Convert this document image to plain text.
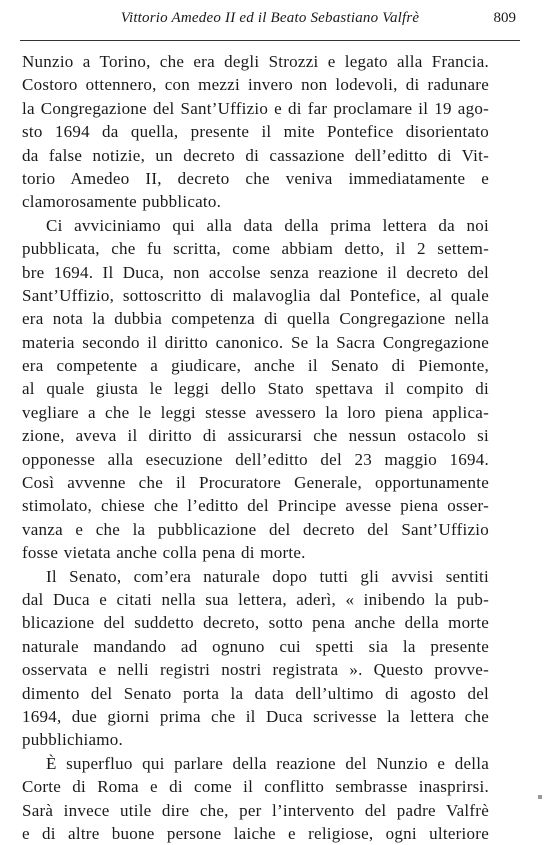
Vittorio Amedeo II ed il Beato Sebastiano Valfrè	809
Nunzio a Torino, che era degli Strozzi e legato alla Francia.
Costoro ottennero, con mezzi invero non lodevoli, di radunare
la Congregazione del Sant’Uffizio e di far proclamare il 19 ago-
sto 1694 da quella, presente il mite Pontefice disorientato
da false notizie, un decreto di cassazione dell’editto di Vit-
torio Amedeo II, decreto che veniva immediatamente e
clamorosamente pubblicato.
Ci avviciniamo qui alla data della prima lettera da noi
pubblicata, che fu scritta, come abbiam detto, il 2 settem-
bre 1694. Il Duca, non accolse senza reazione il decreto del
Sant’Uffizio, sottoscritto di malavoglia dal Pontefice, al quale
era nota la dubbia competenza di quella Congregazione nella
materia secondo il diritto canonico. Se la Sacra Congregazione
era competente a giudicare, anche il Senato di Piemonte,
al quale giusta le leggi dello Stato spettava il compito di
vegliare a che le leggi stesse avessero la loro piena applica-
zione, aveva il diritto di assicurarsi che nessun ostacolo si
opponesse alla esecuzione dell’editto del 23 maggio 1694.
Così avvenne che il Procuratore Generale, opportunamente
stimolato, chiese che l’editto del Principe avesse piena osser-
vanza e che la pubblicazione del decreto del Sant’Uffizio
fosse vietata anche colla pena di morte.
Il Senato, com’era naturale dopo tutti gli avvisi sentiti
dal Duca e citati nella sua lettera, aderì, « inibendo la pub-
blicazione del suddetto decreto, sotto pena anche della morte
naturale mandando ad ognuno cui spetti sia la presente
osservata e nelli registri nostri registrata ». Questo provve-
dimento del Senato porta la data dell’ultimo di agosto del
1694, due giorni prima che il Duca scrivesse la lettera che
pubblichiamo.
È superfluo qui parlare della reazione del Nunzio e della
Corte di Roma e di come il conflitto sembrasse inasprirsi.
Sarà invece utile dire che, per l’intervento del padre Valfrè
e di altre buone persone laiche e religiose, ogni ulteriore
